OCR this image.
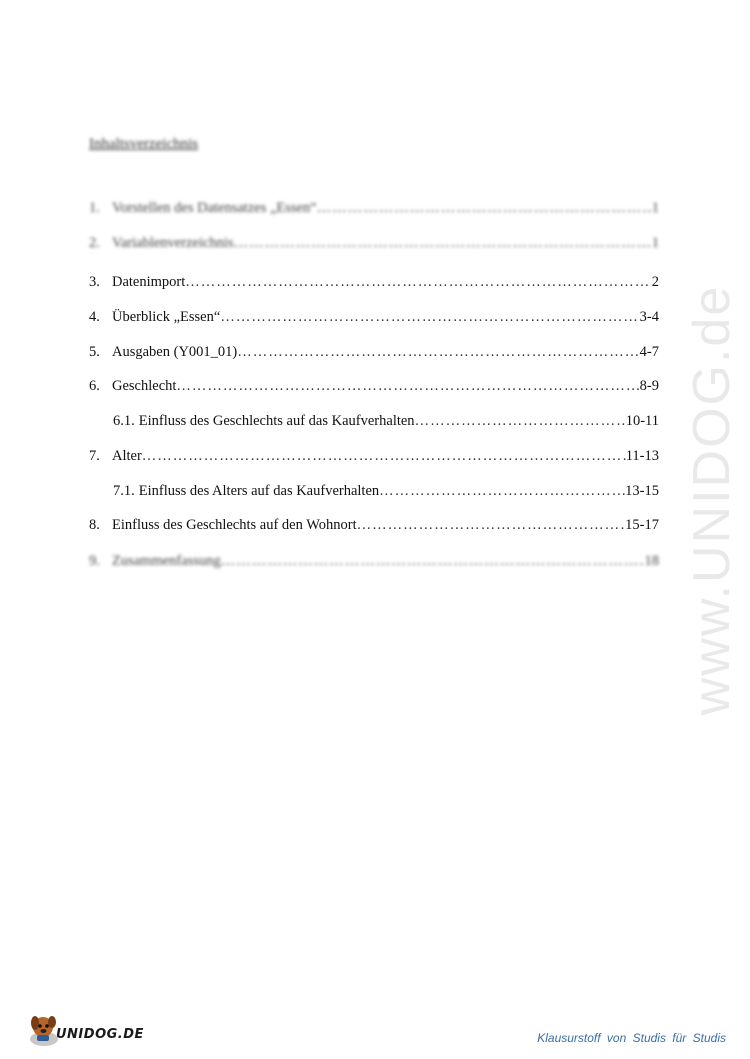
Inhaltsverzeichnis
1. Vorstellen des Datensatzes „Essen“ ……………………………………………………………………………………………………………………………………………………………	1
2. Variablenverzeichnis ……………………………………………………………………………………………………………………………………………………………	1
3. Datenimport ……………………………………………………………………………………………………………………………………………………………	2
4. Überblick „Essen“ ……………………………………………………………………………………………………………………………………………………………	3-4
5. Ausgaben (Y001_01) ……………………………………………………………………………………………………………………………………………………………	4-7
6. Geschlecht ……………………………………………………………………………………………………………………………………………………………	8-9
6.1. Einfluss des Geschlechts auf das Kaufverhalten ……………………………………………………………………………………………………………………………………………………………	10-11
7. Alter ……………………………………………………………………………………………………………………………………………………………	11-13
7.1. Einfluss des Alters auf das Kaufverhalten ……………………………………………………………………………………………………………………………………………………………	13-15
8. Einfluss des Geschlechts auf den Wohnort ……………………………………………………………………………………………………………………………………………………………	15-17
9. Zusammenfassung ……………………………………………………………………………………………………………………………………………………………	18 www.UNIDOG.de
UNIDOG.DE	Klausurstoff von Studis für Studis
